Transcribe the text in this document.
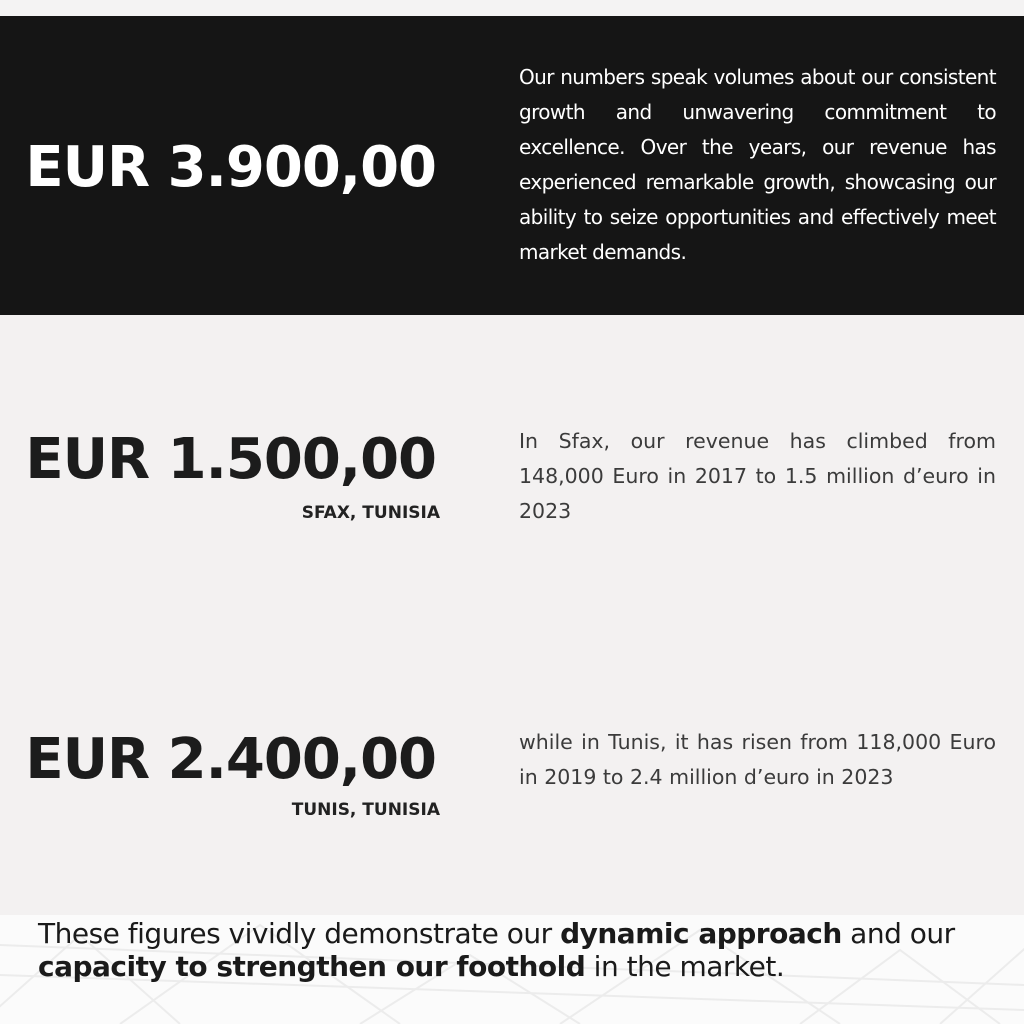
EUR 3.900,00

Our numbers speak volumes about our consistent growth and unwavering commitment to excellence. Over the years, our revenue has experienced remarkable growth, showcasing our ability to seize opportunities and effectively meet market demands.

EUR 1.500,00
SFAX, TUNISIA

In Sfax, our revenue has climbed from 148,000 Euro in 2017 to 1.5 million d’euro in 2023

EUR 2.400,00
TUNIS, TUNISIA

while in Tunis, it has risen from 118,000 Euro in 2019 to 2.4 million d’euro in 2023

These figures vividly demonstrate our dynamic approach and our capacity to strengthen our foothold in the market.
